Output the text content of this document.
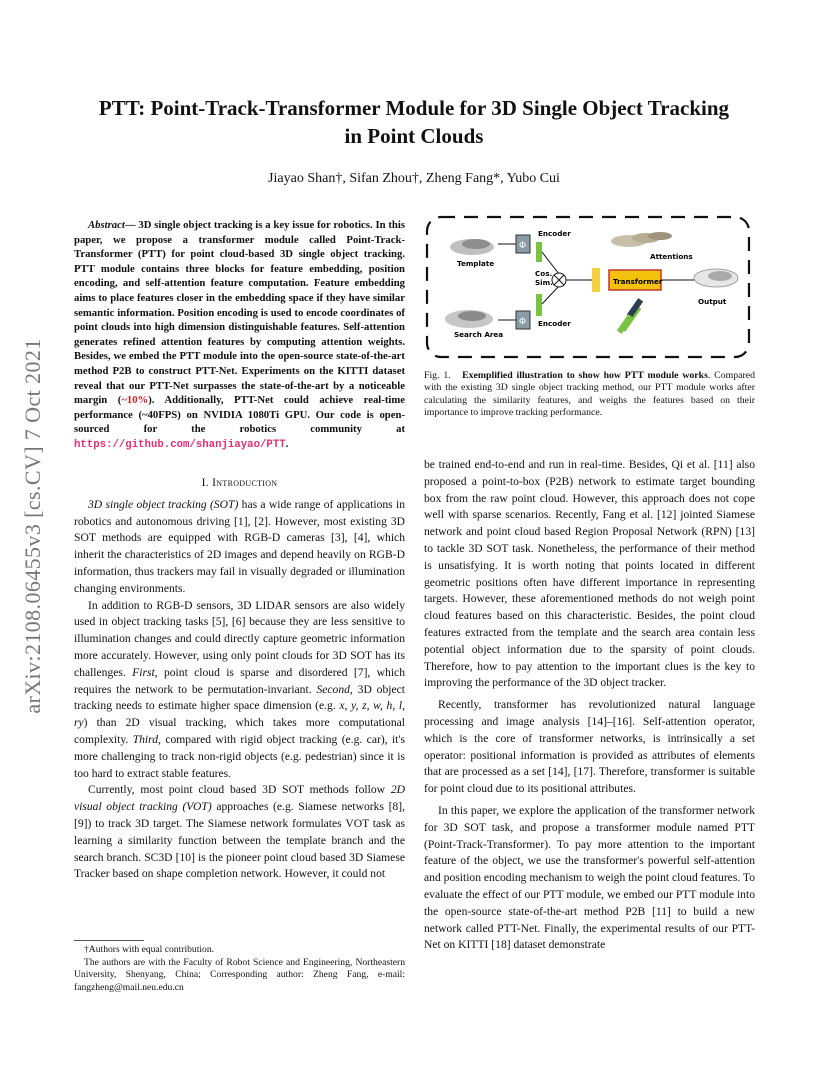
PTT: Point-Track-Transformer Module for 3D Single Object Tracking
in Point Clouds

Jiayao Shan†, Sifan Zhou†, Zheng Fang*, Yubo Cui

arXiv:2108.06455v3 [cs.CV] 7 Oct 2021

Abstract— 3D single object tracking is a key issue for robotics. In this paper, we propose a transformer module called Point-Track-Transformer (PTT) for point cloud-based 3D single object tracking. PTT module contains three blocks for feature embedding, position encoding, and self-attention feature computation. Feature embedding aims to place features closer in the embedding space if they have similar semantic information. Position encoding is used to encode coordinates of point clouds into high dimension distinguishable features. Self-attention generates refined attention features by computing attention weights. Besides, we embed the PTT module into the open-source state-of-the-art method P2B to construct PTT-Net. Experiments on the KITTI dataset reveal that our PTT-Net surpasses the state-of-the-art by a noticeable margin (~10%). Additionally, PTT-Net could achieve real-time performance (~40FPS) on NVIDIA 1080Ti GPU. Our code is open-sourced for the robotics community at https://github.com/shanjiayao/PTT.

I. Introduction

3D single object tracking (SOT) has a wide range of applications in robotics and autonomous driving [1], [2]. However, most existing 3D SOT methods are equipped with RGB-D cameras [3], [4], which inherit the characteristics of 2D images and depend heavily on RGB-D information, thus trackers may fail in visually degraded or illumination changing environments.

In addition to RGB-D sensors, 3D LIDAR sensors are also widely used in object tracking tasks [5], [6] because they are less sensitive to illumination changes and could directly capture geometric information more accurately. However, using only point clouds for 3D SOT has its challenges. First, point cloud is sparse and disordered [7], which requires the network to be permutation-invariant. Second, 3D object tracking needs to estimate higher space dimension (e.g. x, y, z, w, h, l, ry) than 2D visual tracking, which takes more computational complexity. Third, compared with rigid object tracking (e.g. car), it's more challenging to track non-rigid objects (e.g. pedestrian) since it is too hard to extract stable features.

Currently, most point cloud based 3D SOT methods follow 2D visual object tracking (VOT) approaches (e.g. Siamese networks [8], [9]) to track 3D target. The Siamese network formulates VOT task as learning a similarity function between the template branch and the search branch. SC3D [10] is the pioneer point cloud based 3D Siamese Tracker based on shape completion network. However, it could not

†Authors with equal contribution.

The authors are with the Faculty of Robot Science and Engineering, Northeastern University, Shenyang, China; Corresponding author: Zheng Fang, e-mail: fangzheng@mail.neu.edu.cn

Template
Search Area
Φ
Encoder
Φ Encoder
Cos.
Sim.	Transformer
Attentions
Output

Fig. 1. Exemplified illustration to show how PTT module works. Compared with the existing 3D single object tracking method, our PTT module works after calculating the similarity features, and weighs the features based on their importance to improve tracking performance.

be trained end-to-end and run in real-time. Besides, Qi et al. [11] also proposed a point-to-box (P2B) network to estimate target bounding box from the raw point cloud. However, this approach does not cope well with sparse scenarios. Recently, Fang et al. [12] jointed Siamese network and point cloud based Region Proposal Network (RPN) [13] to tackle 3D SOT task. Nonetheless, the performance of their method is unsatisfying. It is worth noting that points located in different geometric positions often have different importance in representing targets. However, these aforementioned methods do not weigh point cloud features based on this characteristic. Besides, the point cloud features extracted from the template and the search area contain less potential object information due to the sparsity of point clouds. Therefore, how to pay attention to the important clues is the key to improving the performance of the 3D object tracker.

Recently, transformer has revolutionized natural language processing and image analysis [14]–[16]. Self-attention operator, which is the core of transformer networks, is intrinsically a set operator: positional information is provided as attributes of elements that are processed as a set [14], [17]. Therefore, transformer is suitable for point cloud due to its positional attributes.

In this paper, we explore the application of the transformer network for 3D SOT task, and propose a transformer module named PTT (Point-Track-Transformer). To pay more attention to the important feature of the object, we use the transformer's powerful self-attention and position encoding mechanism to weigh the point cloud features. To evaluate the effect of our PTT module, we embed our PTT module into the open-source state-of-the-art method P2B [11] to build a new network called PTT-Net. Finally, the experimental results of our PTT-Net on KITTI [18] dataset demonstrate
